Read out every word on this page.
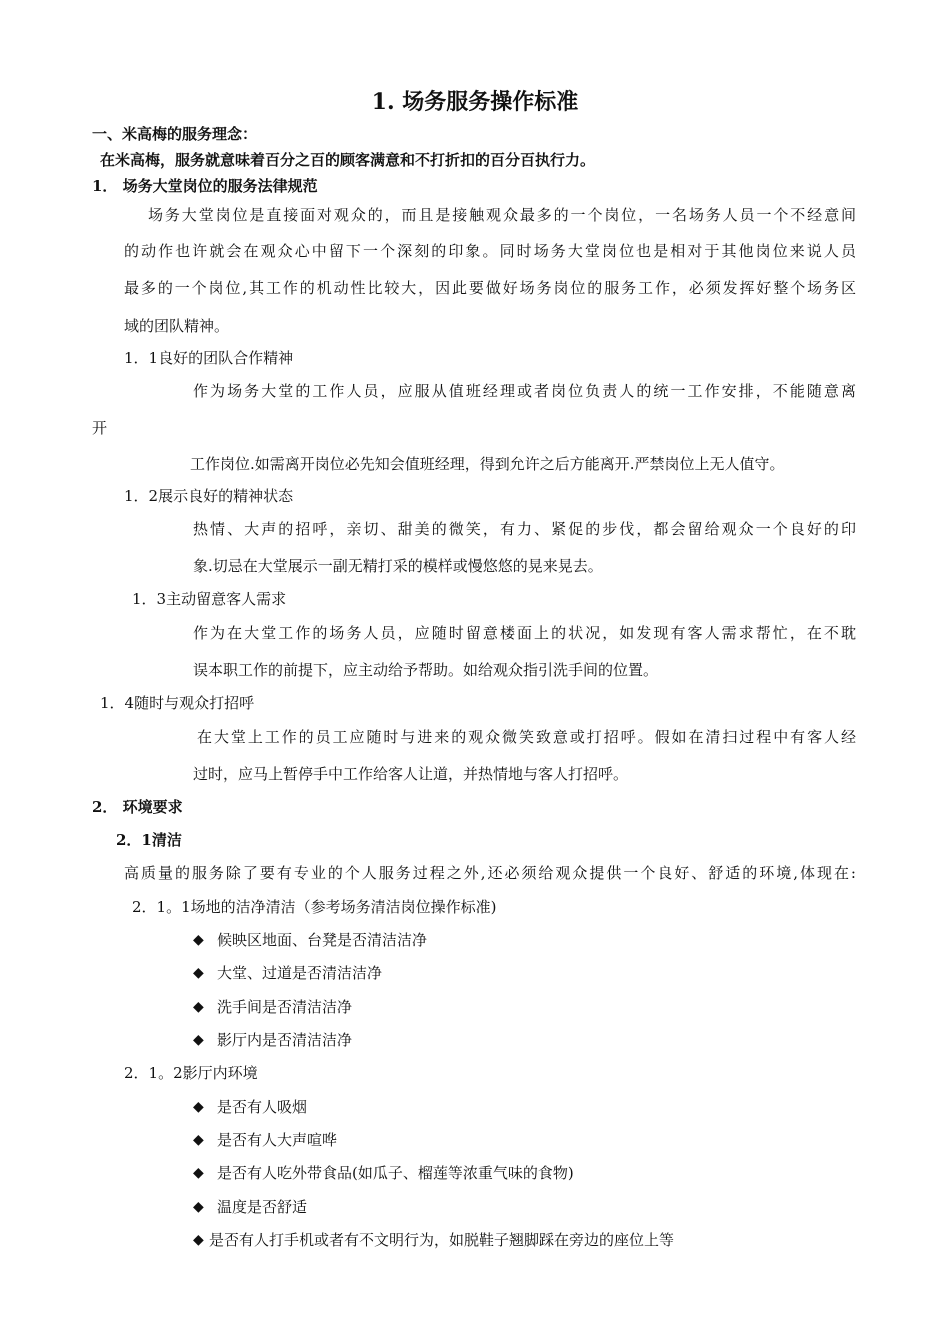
1. 场务服务操作标准
一、米高梅的服务理念：
在米高梅，服务就意味着百分之百的顾客满意和不打折扣的百分百执行力。
1． 场务大堂岗位的服务法律规范
场务大堂岗位是直接面对观众的，而且是接触观众最多的一个岗位，一名场务人员一个不经意间
的动作也许就会在观众心中留下一个深刻的印象。同时场务大堂岗位也是相对于其他岗位来说人员
最多的一个岗位,其工作的机动性比较大，因此要做好场务岗位的服务工作，必须发挥好整个场务区
域的团队精神。
1．1良好的团队合作精神
作为场务大堂的工作人员，应服从值班经理或者岗位负责人的统一工作安排，不能随意离
开
工作岗位.如需离开岗位必先知会值班经理，得到允许之后方能离开.严禁岗位上无人值守。
1．2展示良好的精神状态
热情、大声的招呼，亲切、甜美的微笑，有力、紧促的步伐，都会留给观众一个良好的印
象.切忌在大堂展示一副无精打采的模样或慢悠悠的晃来晃去。
1．3主动留意客人需求
作为在大堂工作的场务人员，应随时留意楼面上的状况，如发现有客人需求帮忙，在不耽
误本职工作的前提下，应主动给予帮助。如给观众指引洗手间的位置。
1．4随时与观众打招呼
在大堂上工作的员工应随时与进来的观众微笑致意或打招呼。假如在清扫过程中有客人经
过时，应马上暂停手中工作给客人让道，并热情地与客人打招呼。
2． 环境要求
2．1清洁
高质量的服务除了要有专业的个人服务过程之外,还必须给观众提供一个良好、舒适的环境,体现在:
2．1。1场地的洁净清洁（参考场务清洁岗位操作标准)
◆ 候映区地面、台凳是否清洁洁净
◆ 大堂、过道是否清洁洁净
◆ 洗手间是否清洁洁净
◆ 影厅内是否清洁洁净
2．1。2影厅内环境
◆ 是否有人吸烟
◆ 是否有人大声喧哗
◆ 是否有人吃外带食品(如瓜子、榴莲等浓重气味的食物)
◆ 温度是否舒适
◆ 是否有人打手机或者有不文明行为，如脱鞋子翘脚踩在旁边的座位上等
